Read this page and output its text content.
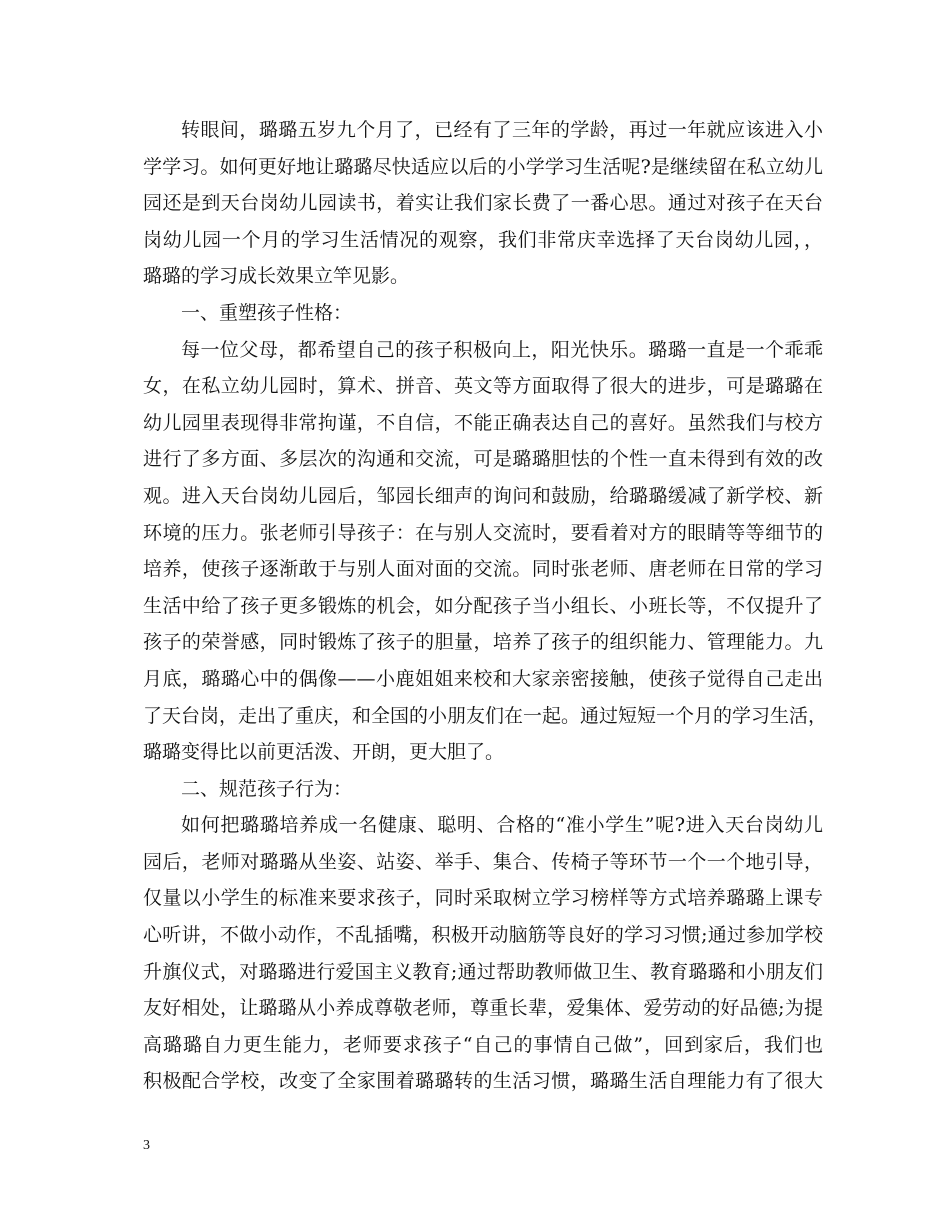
转眼间，璐璐五岁九个月了，已经有了三年的学龄，再过一年就应该进入小
学学习。如何更好地让璐璐尽快适应以后的小学学习生活呢?是继续留在私立幼儿
园还是到天台岗幼儿园读书，着实让我们家长费了一番心思。通过对孩子在天台
岗幼儿园一个月的学习生活情况的观察，我们非常庆幸选择了天台岗幼儿园，，
璐璐的学习成长效果立竿见影。
一、重塑孩子性格：
每一位父母，都希望自己的孩子积极向上，阳光快乐。璐璐一直是一个乖乖
女，在私立幼儿园时，算术、拼音、英文等方面取得了很大的进步，可是璐璐在
幼儿园里表现得非常拘谨，不自信，不能正确表达自己的喜好。虽然我们与校方
进行了多方面、多层次的沟通和交流，可是璐璐胆怯的个性一直未得到有效的改
观。进入天台岗幼儿园后，邹园长细声的询问和鼓励，给璐璐缓减了新学校、新
环境的压力。张老师引导孩子：在与别人交流时，要看着对方的眼睛等等细节的
培养，使孩子逐渐敢于与别人面对面的交流。同时张老师、唐老师在日常的学习
生活中给了孩子更多锻炼的机会，如分配孩子当小组长、小班长等，不仅提升了
孩子的荣誉感，同时锻炼了孩子的胆量，培养了孩子的组织能力、管理能力。九
月底，璐璐心中的偶像——小鹿姐姐来校和大家亲密接触，使孩子觉得自己走出
了天台岗，走出了重庆，和全国的小朋友们在一起。通过短短一个月的学习生活，
璐璐变得比以前更活泼、开朗，更大胆了。
二、规范孩子行为：
如何把璐璐培养成一名健康、聪明、合格的“准小学生”呢?进入天台岗幼儿
园后，老师对璐璐从坐姿、站姿、举手、集合、传椅子等环节一个一个地引导，
仅量以小学生的标准来要求孩子，同时采取树立学习榜样等方式培养璐璐上课专
心听讲，不做小动作，不乱插嘴，积极开动脑筋等良好的学习习惯;通过参加学校
升旗仪式，对璐璐进行爱国主义教育;通过帮助教师做卫生、教育璐璐和小朋友们
友好相处，让璐璐从小养成尊敬老师，尊重长辈，爱集体、爱劳动的好品德;为提
高璐璐自力更生能力，老师要求孩子“自己的事情自己做”，回到家后，我们也
积极配合学校，改变了全家围着璐璐转的生活习惯，璐璐生活自理能力有了很大
3
